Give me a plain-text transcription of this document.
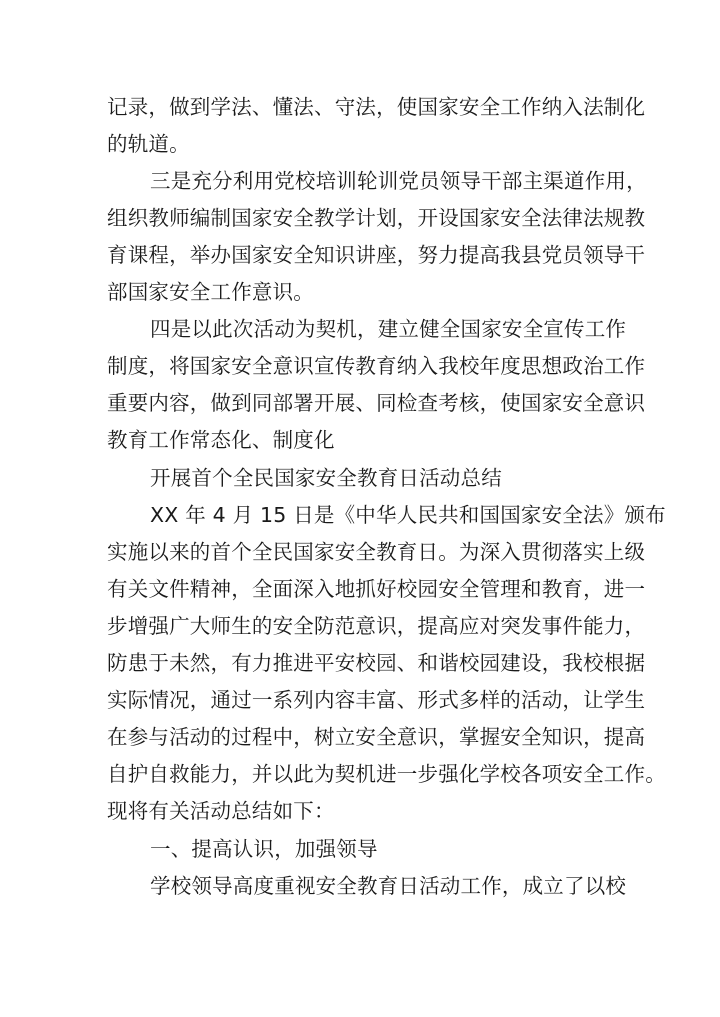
记录，做到学法、懂法、守法，使国家安全工作纳入法制化
的轨道。
三是充分利用党校培训轮训党员领导干部主渠道作用，
组织教师编制国家安全教学计划，开设国家安全法律法规教
育课程，举办国家安全知识讲座，努力提高我县党员领导干
部国家安全工作意识。
四是以此次活动为契机，建立健全国家安全宣传工作
制度，将国家安全意识宣传教育纳入我校年度思想政治工作
重要内容，做到同部署开展、同检查考核，使国家安全意识
教育工作常态化、制度化
开展首个全民国家安全教育日活动总结
XX 年 4 月 15 日是《中华人民共和国国家安全法》颁布
实施以来的首个全民国家安全教育日。为深入贯彻落实上级
有关文件精神，全面深入地抓好校园安全管理和教育，进一
步增强广大师生的安全防范意识，提高应对突发事件能力，
防患于未然，有力推进平安校园、和谐校园建设，我校根据
实际情况，通过一系列内容丰富、形式多样的活动，让学生
在参与活动的过程中，树立安全意识，掌握安全知识，提高
自护自救能力，并以此为契机进一步强化学校各项安全工作。
现将有关活动总结如下：
一、提高认识，加强领导
学校领导高度重视安全教育日活动工作，成立了以校
